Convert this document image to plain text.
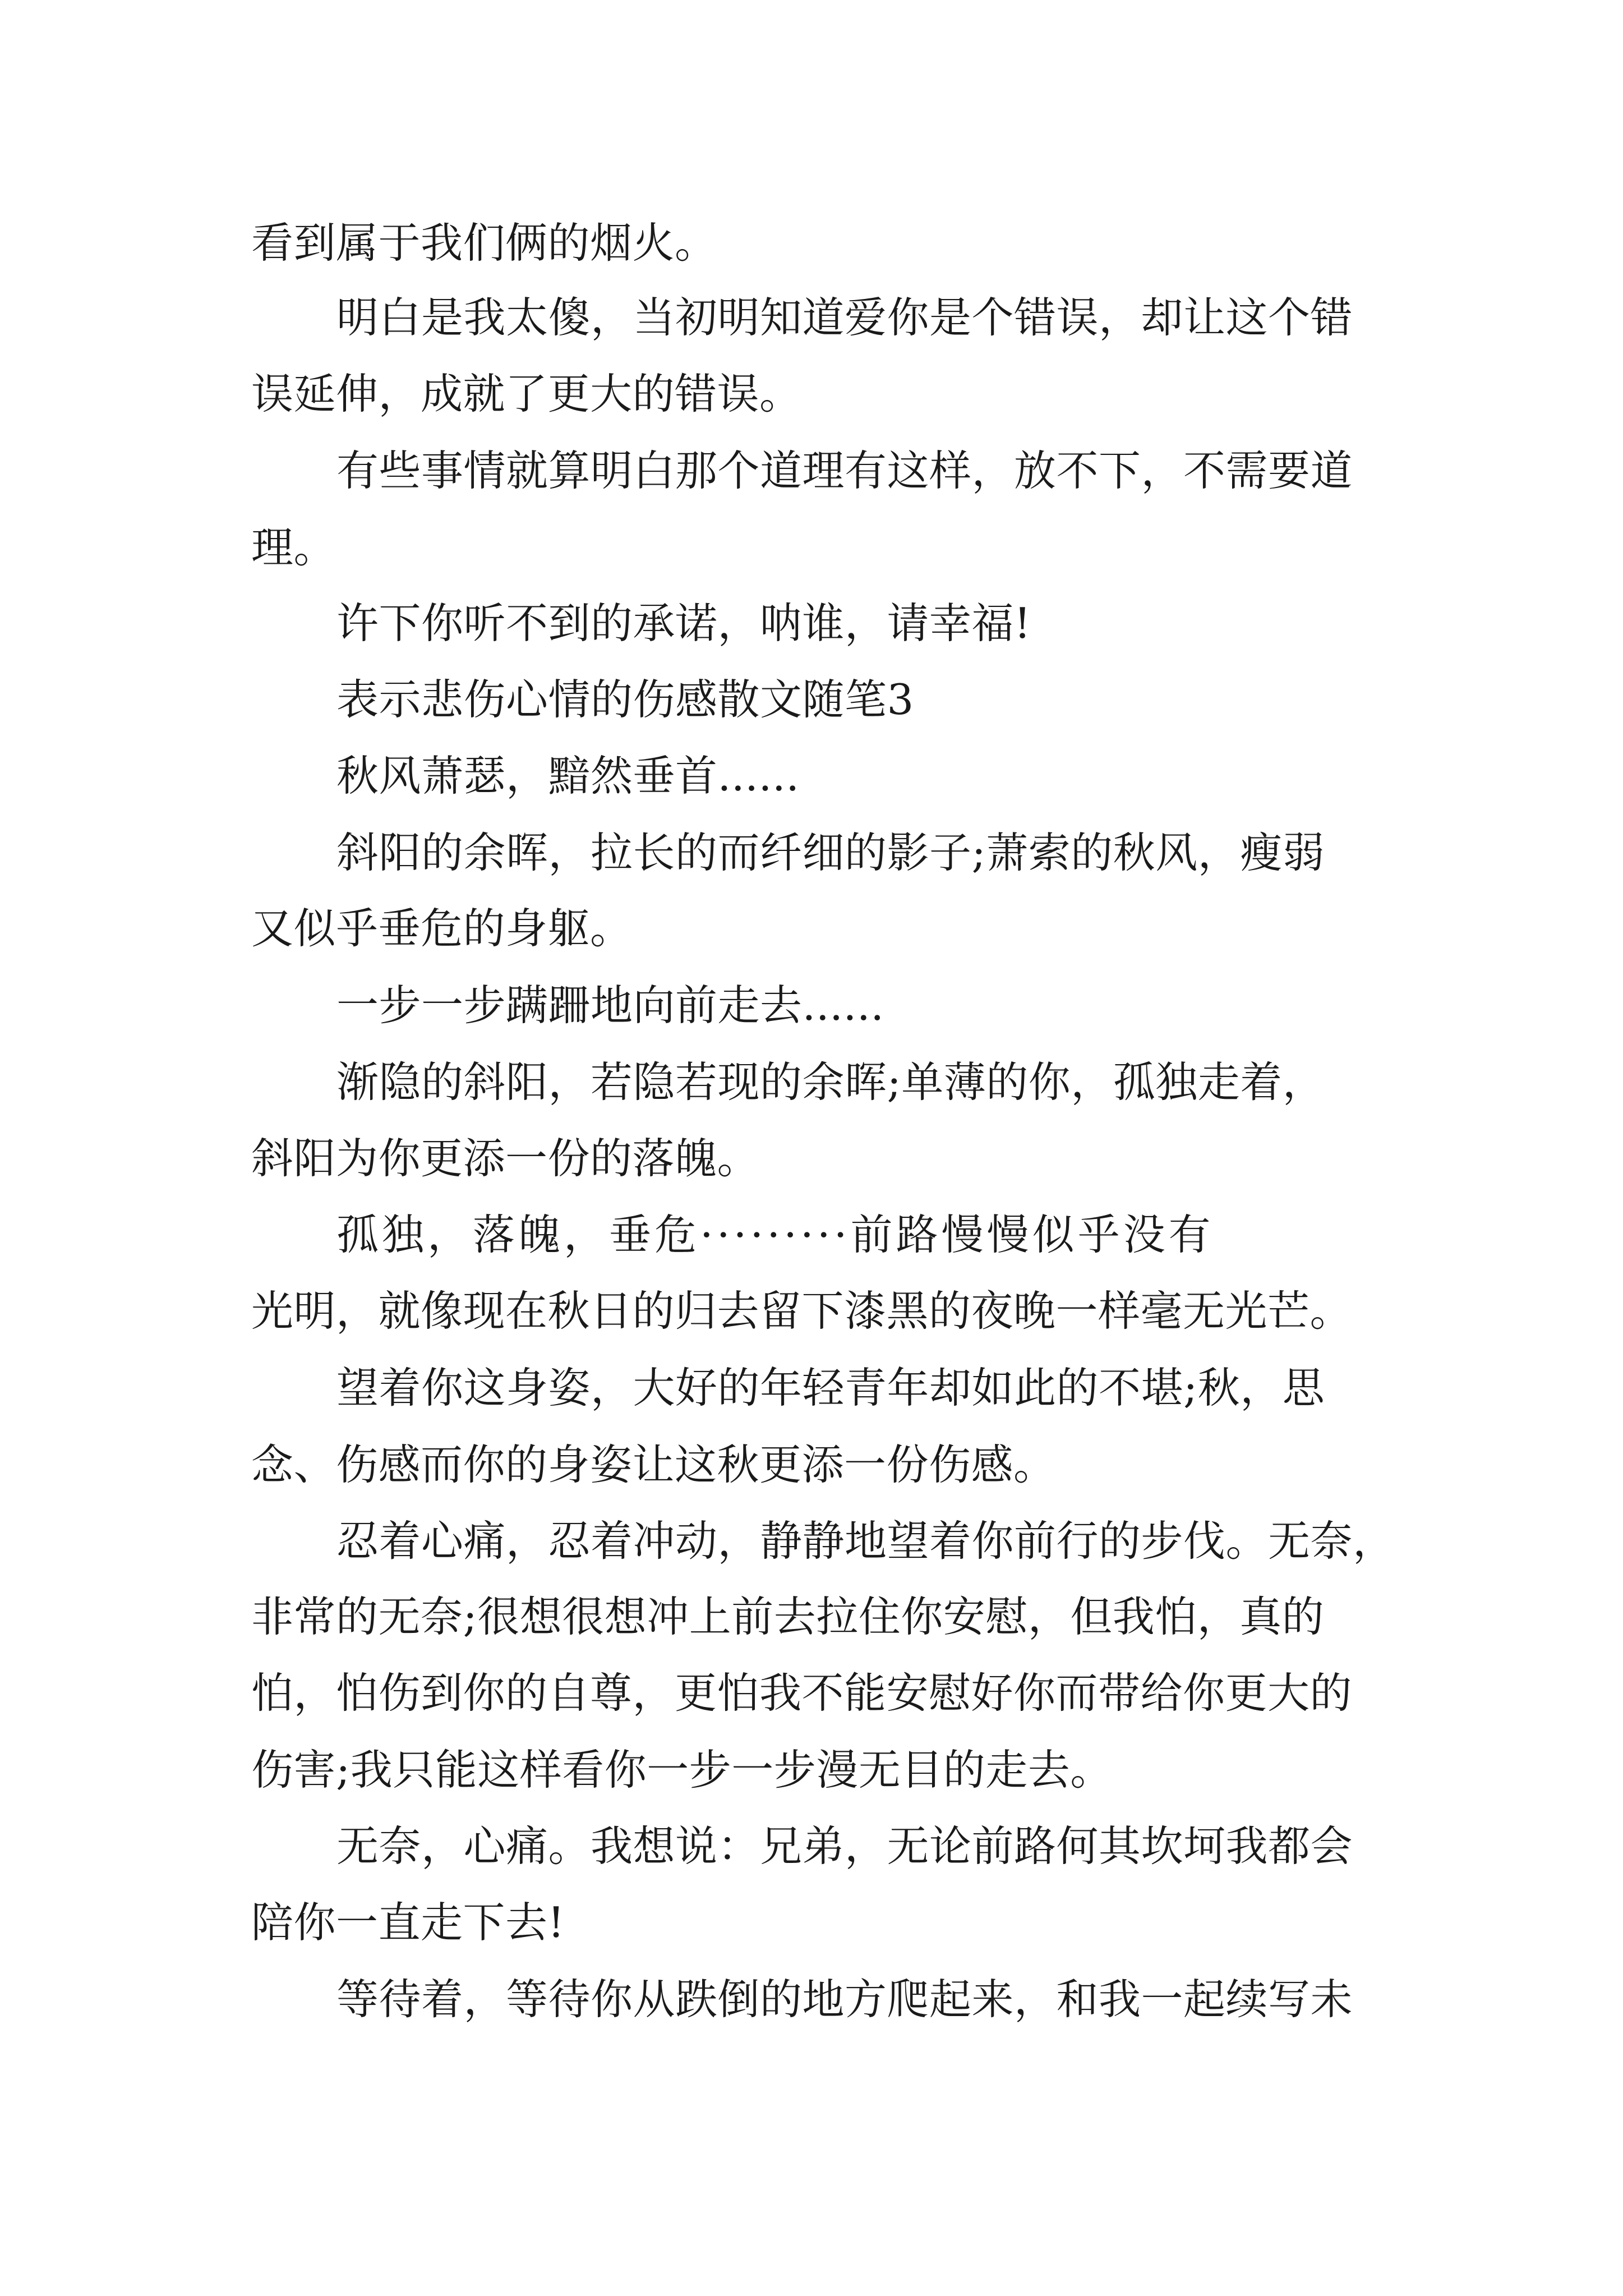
看到属于我们俩的烟火。

明白是我太傻，当初明知道爱你是个错误，却让这个错

误延伸，成就了更大的错误。

有些事情就算明白那个道理有这样，放不下，不需要道

理。

许下你听不到的承诺，呐谁，请幸福!

表示悲伤心情的伤感散文随笔3

秋风萧瑟，黯然垂首......

斜阳的余晖，拉长的而纤细的影子;萧索的秋风，瘦弱

又似乎垂危的身躯。

一步一步蹒跚地向前走去......

渐隐的斜阳，若隐若现的余晖;单薄的你，孤独走着，

斜阳为你更添一份的落魄。

孤独，落魄，垂危·········前路慢慢似乎没有

光明，就像现在秋日的归去留下漆黑的夜晚一样毫无光芒。

望着你这身姿，大好的年轻青年却如此的不堪;秋，思

念、伤感而你的身姿让这秋更添一份伤感。

忍着心痛，忍着冲动，静静地望着你前行的步伐。无奈，

非常的无奈;很想很想冲上前去拉住你安慰，但我怕，真的

怕，怕伤到你的自尊，更怕我不能安慰好你而带给你更大的

伤害;我只能这样看你一步一步漫无目的走去。

无奈，心痛。我想说：兄弟，无论前路何其坎坷我都会

陪你一直走下去!

等待着，等待你从跌倒的地方爬起来，和我一起续写未
